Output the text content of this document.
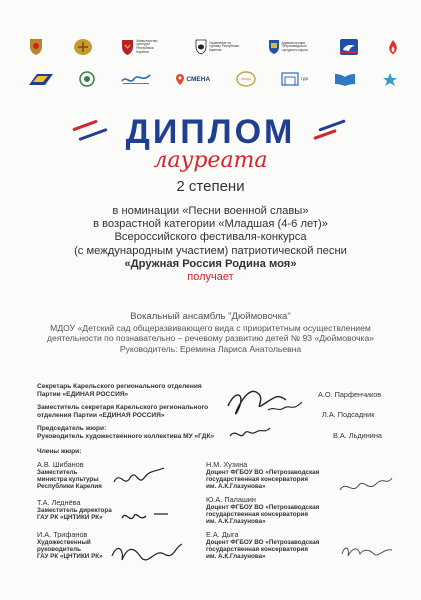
Министерство культуры Республики Карелия
Управление по туризму Республики Карелия
Администрация Петрозаводского городского округа
СМЕНА	ГДК
ДИПЛОМ
лауреата
2 степени
в номинации «Песни военной славы»
в возрастной категории «Младшая (4-6 лет)»
Всероссийского фестиваля-конкурса
(с международным участием) патриотической песни
«Дружная Россия Родина моя»
получает
Вокальный ансамбль "Дюймовочка"
МДОУ «Детский сад общеразвивающего вида с приоритетным осуществлением
деятельности по познавательно – речевому развитию детей № 93 «Дюймовочка»
Руководитель: Еремина Лариса Анатольевна
Секретарь Карельского регионального отделения
Партии «ЕДИНАЯ РОССИЯ»	А.О. Парфенчиков
Заместитель секретаря Карельского регионального
отделения Партии «ЕДИНАЯ РОССИЯ»	Л.А. Подсадник
Председатель жюри:
Руководитель художественного коллектива МУ «ГДК»	В.А. Льдинина
Члены жюри:
А.В. Шибанов
Заместитель
министра культуры
Республики Карелия
Т.А. Леднёва
Заместитель директора
ГАУ РК «ЦНТИКИ РК»
И.А. Трифанов
Художественный
руководитель
ГАУ РК «ЦНТИКИ РК»
Н.М. Хузина
Доцент ФГБОУ ВО «Петрозаводская
государственная консерватория
им. А.К.Глазунова»
Ю.А. Палашин
Доцент ФГБОУ ВО «Петрозаводская
государственная консерватория
им. А.К.Глазунова»
Е.А. Дыга
Доцент ФГБОУ ВО «Петрозаводская
государственная консерватория
им. А.К.Глазунова»
